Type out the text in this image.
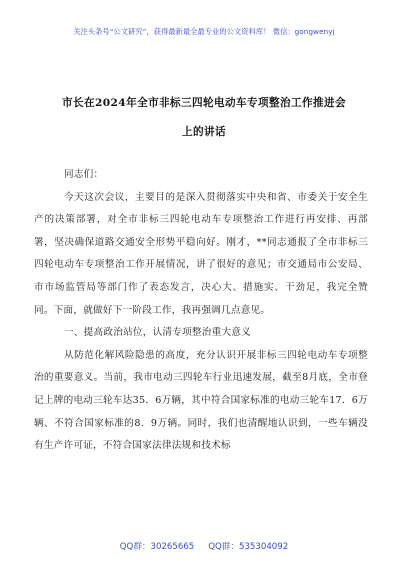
关注头条号“公文研究”，获得最新最全最专业的公文资料库！ 微信：gongwenyj
市长在2024年全市非标三四轮电动车专项整治工作推进会
上的讲话

同志们：

今天这次会议，主要目的是深入贯彻落实中央和省、市委关于安全生产的决策部署，对全市非标三四轮电动车专项整治工作进行再安排、再部署，坚决确保道路交通安全形势平稳向好。刚才，**同志通报了全市非标三四轮电动车专项整治工作开展情况，讲了很好的意见；市交通局市公安局、市市场监管局等部门作了表态发言，决心大、措施实、干劲足，我完全赞同。下面，就做好下一阶段工作，我再强调几点意见。

一、提高政治站位，认清专项整治重大意义

从防范化解风险隐患的高度，充分认识开展非标三四轮电动车专项整治的重要意义。当前，我市电动三四轮车行业迅速发展，截至8月底，全市登记上牌的电动三轮车达35．6万辆，其中符合国家标准的电动三轮车17．6万辆、不符合国家标准的8．9万辆。同时，我们也清醒地认识到，一些车辆没有生产许可证，不符合国家法律法规和技术标

QQ群：30265665 QQ群：535304092
